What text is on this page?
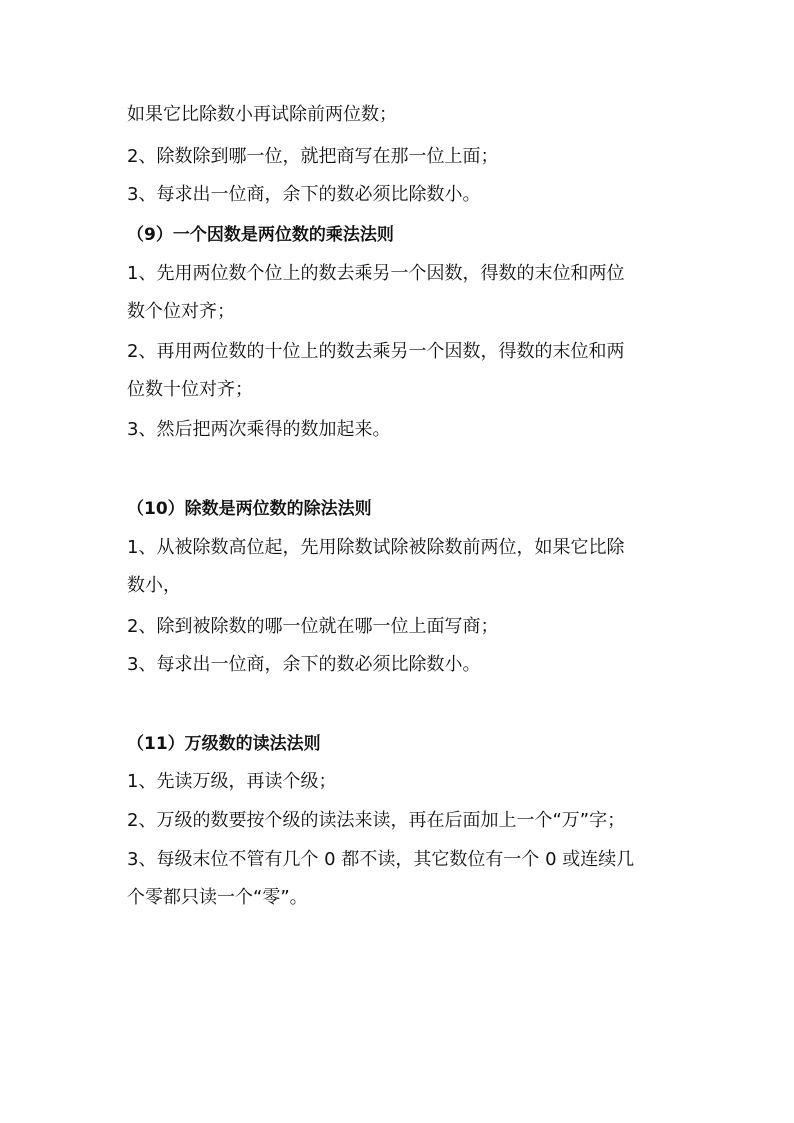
如果它比除数小再试除前两位数；
2、除数除到哪一位，就把商写在那一位上面；
3、每求出一位商，余下的数必须比除数小。
（9）一个因数是两位数的乘法法则
1、先用两位数个位上的数去乘另一个因数，得数的末位和两位
数个位对齐；
2、再用两位数的十位上的数去乘另一个因数，得数的末位和两
位数十位对齐；
3、然后把两次乘得的数加起来。
（10）除数是两位数的除法法则
1、从被除数高位起，先用除数试除被除数前两位，如果它比除
数小，
2、除到被除数的哪一位就在哪一位上面写商；
3、每求出一位商，余下的数必须比除数小。
（11）万级数的读法法则
1、先读万级，再读个级；
2、万级的数要按个级的读法来读，再在后面加上一个“万”字；
3、每级末位不管有几个 0 都不读，其它数位有一个 0 或连续几
个零都只读一个“零”。
